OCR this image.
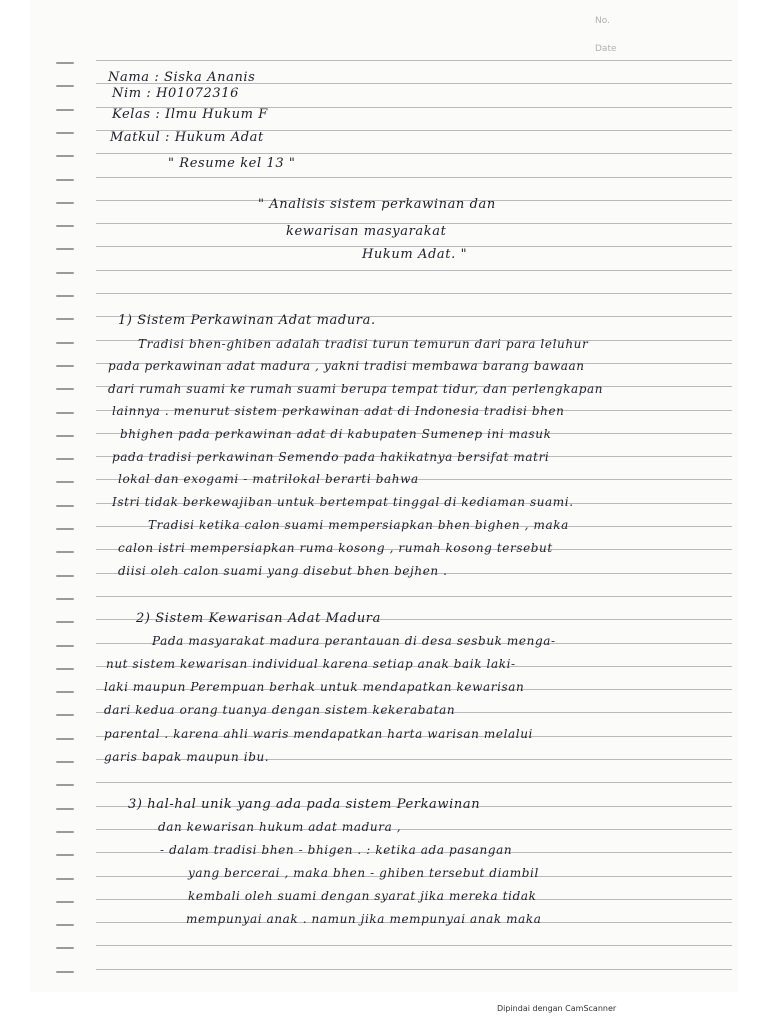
No.
Date
Nama : Siska Ananis
Nim : H01072316
Kelas : Ilmu Hukum F
Matkul : Hukum Adat
" Resume kel 13 "
" Analisis sistem perkawinan dan
kewarisan masyarakat
Hukum Adat. "
1) Sistem Perkawinan Adat madura.
Tradisi bhen-ghiben adalah tradisi turun temurun dari para leluhur
pada perkawinan adat madura , yakni tradisi membawa barang bawaan
dari rumah suami ke rumah suami berupa tempat tidur, dan perlengkapan
lainnya . menurut sistem perkawinan adat di Indonesia tradisi bhen
bhighen pada perkawinan adat di kabupaten Sumenep ini masuk
pada tradisi perkawinan Semendo pada hakikatnya bersifat matri
lokal dan exogami - matrilokal berarti bahwa
Istri tidak berkewajiban untuk bertempat tinggal di kediaman suami.
Tradisi ketika calon suami mempersiapkan bhen bighen , maka
calon istri mempersiapkan ruma kosong , rumah kosong tersebut
diisi oleh calon suami yang disebut bhen bejhen .
2) Sistem Kewarisan Adat Madura
Pada masyarakat madura perantauan di desa sesbuk menga-
nut sistem kewarisan individual karena setiap anak baik laki-
laki maupun Perempuan berhak untuk mendapatkan kewarisan
dari kedua orang tuanya dengan sistem kekerabatan
parental . karena ahli waris mendapatkan harta warisan melalui
garis bapak maupun ibu.
3) hal-hal unik yang ada pada sistem Perkawinan
dan kewarisan hukum adat madura ,
- dalam tradisi bhen - bhigen . : ketika ada pasangan
yang bercerai , maka bhen - ghiben tersebut diambil
kembali oleh suami dengan syarat jika mereka tidak
mempunyai anak . namun jika mempunyai anak maka
Dipindai dengan CamScanner
